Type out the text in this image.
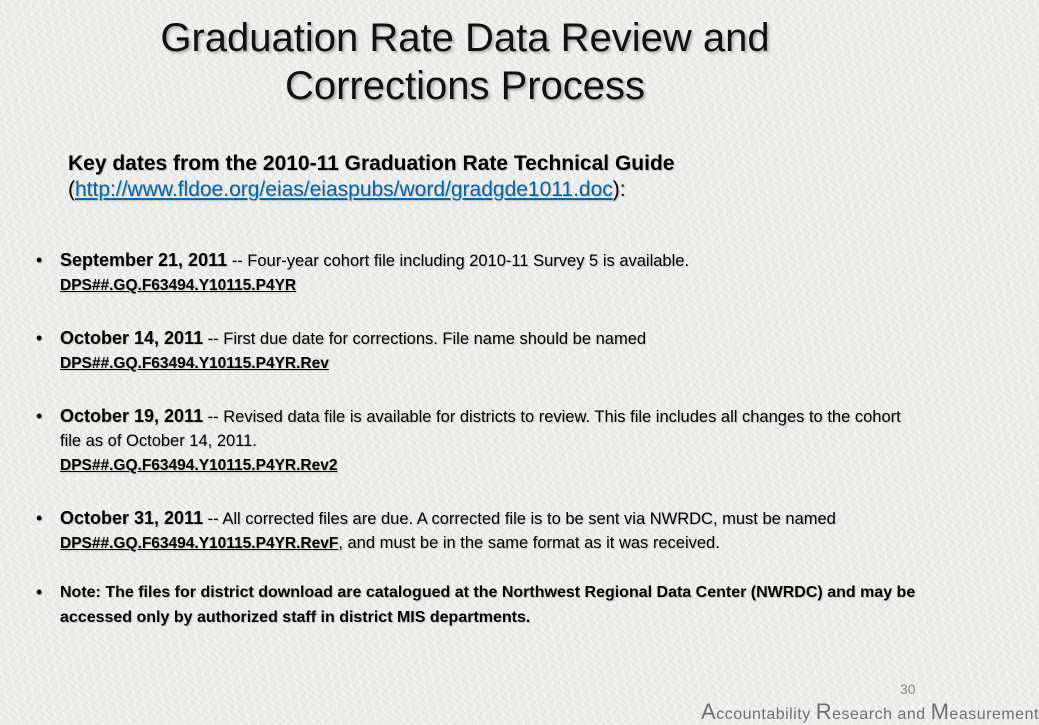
Graduation Rate Data Review and
Corrections Process
Key dates from the 2010-11 Graduation Rate Technical Guide
(http://www.fldoe.org/eias/eiaspubs/word/gradgde1011.doc):
• September 21, 2011 -- Four-year cohort file including 2010-11 Survey 5 is available.
DPS##.GQ.F63494.Y10115.P4YR
• October 14, 2011 -- First due date for corrections. File name should be named
DPS##.GQ.F63494.Y10115.P4YR.Rev
• October 19, 2011 -- Revised data file is available for districts to review. This file includes all changes to the cohort file as of October 14, 2011.
DPS##.GQ.F63494.Y10115.P4YR.Rev2
• October 31, 2011 -- All corrected files are due. A corrected file is to be sent via NWRDC, must be named DPS##.GQ.F63494.Y10115.P4YR.RevF, and must be in the same format as it was received.
• Note: The files for district download are catalogued at the Northwest Regional Data Center (NWRDC) and may be accessed only by authorized staff in district MIS departments.
30
Accountability Research and Measurement
